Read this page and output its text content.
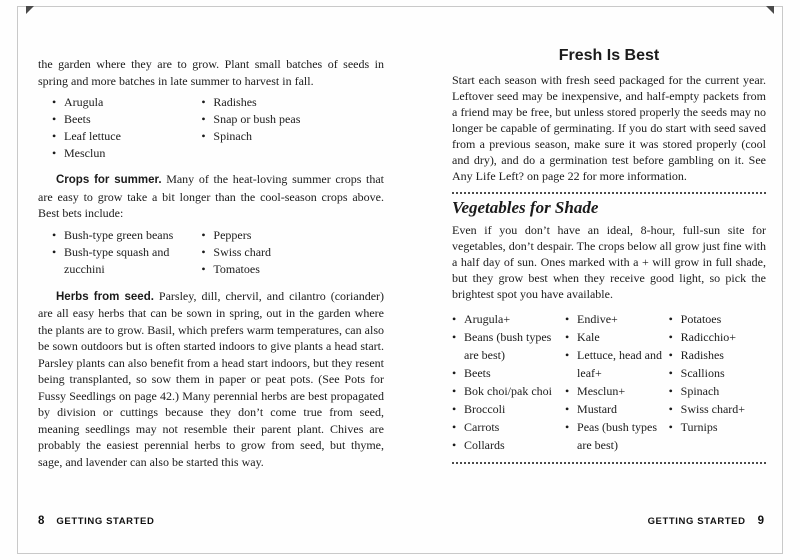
the garden where they are to grow. Plant small batches of seeds in spring and more batches in late summer to harvest in fall.

• Arugula
• Beets
• Leaf lettuce
• Mesclun
• Radishes
• Snap or bush peas
• Spinach

Crops for summer. Many of the heat-loving summer crops that are easy to grow take a bit longer than the cool-season crops above. Best bets include:

• Bush-type green beans
• Bush-type squash and zucchini
• Peppers
• Swiss chard
• Tomatoes

Herbs from seed. Parsley, dill, chervil, and cilantro (coriander) are all easy herbs that can be sown in spring, out in the garden where the plants are to grow. Basil, which prefers warm temperatures, can also be sown outdoors but is often started indoors to give plants a head start. Parsley plants can also benefit from a head start indoors, but they resent being transplanted, so sow them in paper or peat pots. (See Pots for Fussy Seedlings on page 42.) Many perennial herbs are best propagated by division or cuttings because they don’t come true from seed, meaning seedlings may not resemble their parent plant. Chives are probably the easiest perennial herbs to grow from seed, but thyme, sage, and lavender can also be started this way.

8 GETTING STARTED
Fresh Is Best

Start each season with fresh seed packaged for the current year. Leftover seed may be inexpensive, and half-empty packets from a friend may be free, but unless stored properly the seeds may no longer be capable of germinating. If you do start with seed saved from a previous season, make sure it was stored properly (cool and dry), and do a germination test before gambling on it. See Any Life Left? on page 22 for more information.

Vegetables for Shade

Even if you don’t have an ideal, 8-hour, full-sun site for vegetables, don’t despair. The crops below all grow just fine with a half day of sun. Ones marked with a + will grow in full shade, but they grow best when they receive good light, so pick the brightest spot you have available.

• Arugula+
• Beans (bush types are best)
• Beets
• Bok choi/pak choi
• Broccoli
• Carrots
• Collards
• Endive+
• Kale
• Lettuce, head and leaf+
• Mesclun+
• Mustard
• Peas (bush types are best)
• Potatoes
• Radicchio+
• Radishes
• Scallions
• Spinach
• Swiss chard+
• Turnips
GETTING STARTED 9
